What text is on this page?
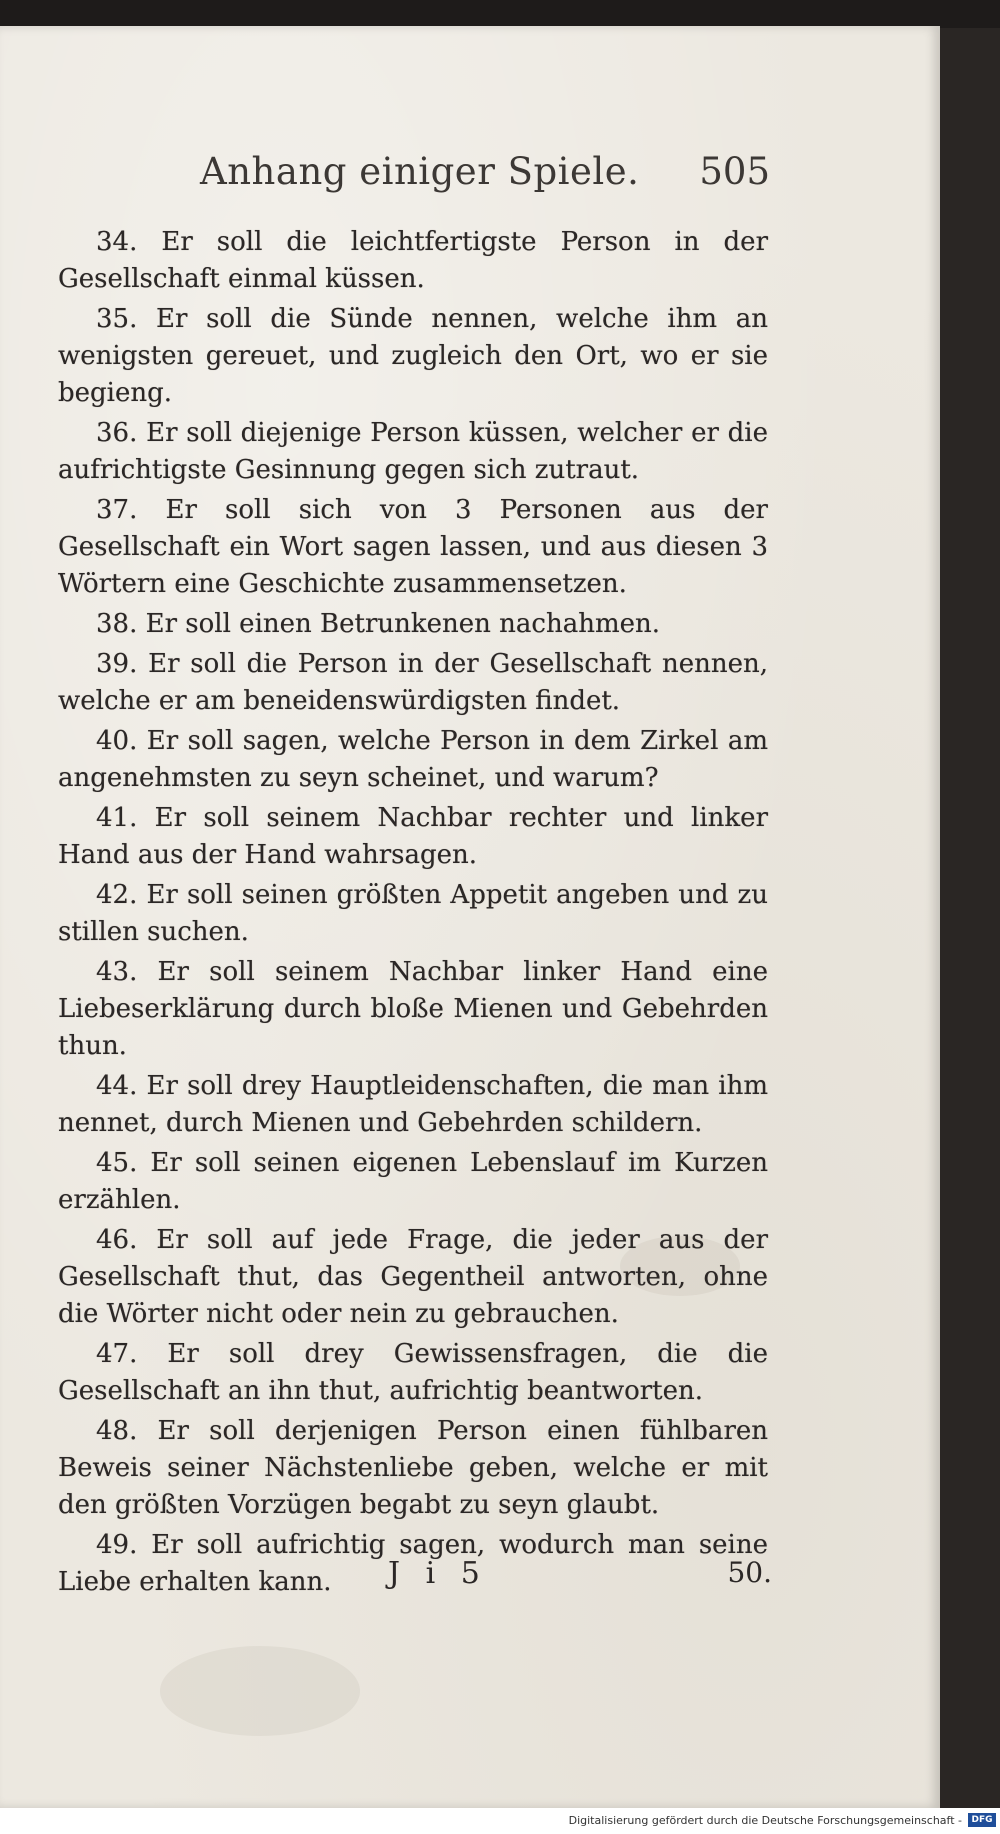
Anhang einiger Spiele. 505

34. Er soll die leichtfertigste Person in der Gesellschaft einmal küssen.

35. Er soll die Sünde nennen, welche ihm an wenigsten gereuet, und zugleich den Ort, wo er sie begieng.

36. Er soll diejenige Person küssen, welcher er die aufrichtigste Gesinnung gegen sich zutraut.

37. Er soll sich von 3 Personen aus der Gesellschaft ein Wort sagen lassen, und aus diesen 3 Wörtern eine Geschichte zusammensetzen.

38. Er soll einen Betrunkenen nachahmen.

39. Er soll die Person in der Gesellschaft nennen, welche er am beneidenswürdigsten findet.

40. Er soll sagen, welche Person in dem Zirkel am angenehmsten zu seyn scheinet, und warum?

41. Er soll seinem Nachbar rechter und linker Hand aus der Hand wahrsagen.

42. Er soll seinen größten Appetit angeben und zu stillen suchen.

43. Er soll seinem Nachbar linker Hand eine Liebeserklärung durch bloße Mienen und Gebehrden thun.

44. Er soll drey Hauptleidenschaften, die man ihm nennet, durch Mienen und Gebehrden schildern.

45. Er soll seinen eigenen Lebenslauf im Kurzen erzählen.

46. Er soll auf jede Frage, die jeder aus der Gesellschaft thut, das Gegentheil antworten, ohne die Wörter nicht oder nein zu gebrauchen.

47. Er soll drey Gewissensfragen, die die Gesellschaft an ihn thut, aufrichtig beantworten.

48. Er soll derjenigen Person einen fühlbaren Beweis seiner Nächstenliebe geben, welche er mit den größten Vorzügen begabt zu seyn glaubt.

49. Er soll aufrichtig sagen, wodurch man seine Liebe erhalten kann.	J i 5	50.
Digitalisierung gefördert durch die Deutsche Forschungsgemeinschaft -	DFG
